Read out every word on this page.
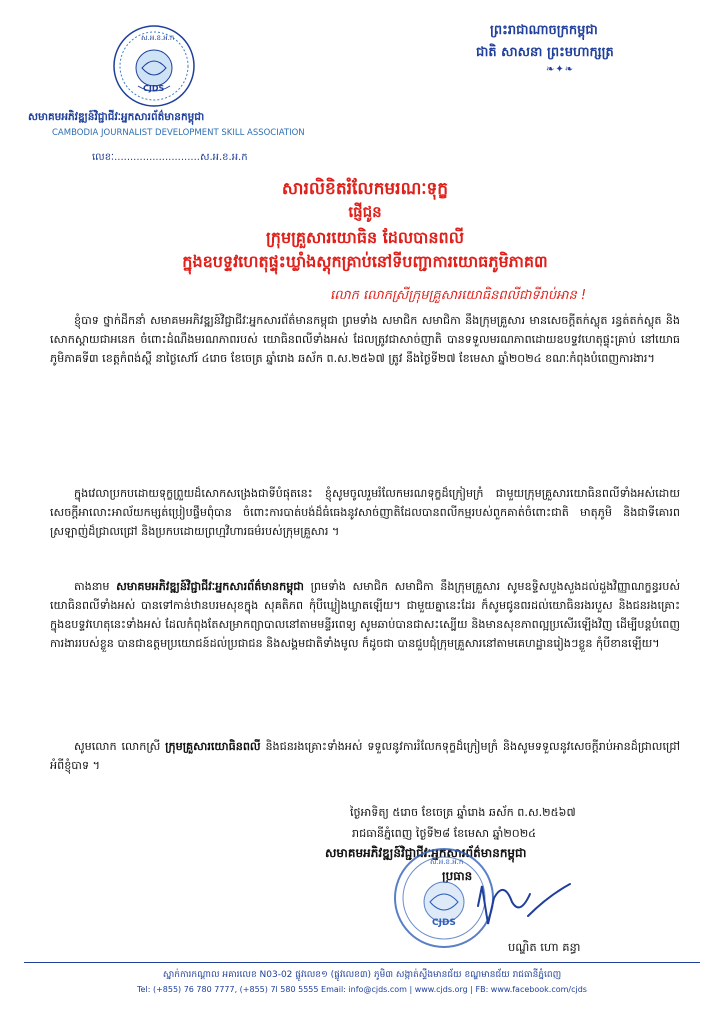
ស.អ.ខ.អ.ក
CJDS
សមាគមអភិវឌ្ឍន៍វិជ្ជាជីវៈអ្នកសារព័ត៌មានកម្ពុជា
CAMBODIA JOURNALIST DEVELOPMENT SKILL ASSOCIATION
លេខៈ...........................ស.អ.ខ.អ.ក
ព្រះរាជាណាចក្រកម្ពុជា
ជាតិ សាសនា ព្រះមហាក្សត្រ
❧✦❧
សារលិខិតរំលែកមរណៈទុក្ខ
ផ្ញើជូន
ក្រុមគ្រួសារយោធិន ដែលបានពលី
ក្នុងឧបទ្ទវហេតុផ្ទុះឃ្លាំងស្តុកគ្រាប់នៅទីបញ្ជាការយោធភូមិភាគ៣
លោក លោកស្រីក្រុមគ្រួសារយោធិនពលីជាទីរាប់អាន !

ខ្ញុំបាទ ថ្នាក់ដឹកនាំ សមាគមអភិវឌ្ឍន៍វិជ្ជាជីវៈអ្នកសារព័ត៌មានកម្ពុជា ព្រមទាំង សមាជិក សមាជិកា នឹងក្រុមគ្រួសារ មានសេចក្តីតក់ស្លុត រន្ធត់តក់ស្លុត និងសោកស្តាយជាអនេក ចំពោះដំណឹងមរណភាពរបស់ យោធិនពលីទាំងអស់ ដែលត្រូវជាសាច់ញាតិ បានទទួលមរណភាពដោយឧបទ្ទវហេតុផ្ទុះគ្រាប់ នៅយោធភូមិភាគទី៣ ខេត្តកំពង់ស្ពឺ នាថ្ងៃសៅរ៍ ៤រោច ខែចេត្រ ឆ្នាំរោង ឆស័ក ព.ស.២៥៦៧ ត្រូវ នឹងថ្ងៃទី២៧ ខែមេសា ឆ្នាំ២០២៤ ខណៈកំពុងបំពេញការងារ។

ក្នុងវេលាប្រកបដោយទុក្ខព្រួយដ៏សោកសង្រេងជាទីបំផុតនេះ ខ្ញុំសូមចូលរួមរំលែកមរណទុក្ខដ៏ក្រៀមក្រំ ជាមួយក្រុមគ្រួសារយោធិនពលីទាំងអស់ដោយសេចក្តីអាលោះអាល័យកម្សត់ប្រៀបផ្ទឹមពុំបាន ចំពោះការបាត់បង់ដ៏ធំធេងនូវសាច់ញាតិដែលបានពលីកម្មរបស់ពួកគាត់ចំពោះជាតិ មាតុភូមិ និងជាទីគោរពស្រឡាញ់ដ៏ជ្រាលជ្រៅ និងប្រកបដោយព្រហ្មវិហារធម៌របស់ក្រុមគ្រួសារ ។

តាងនាម សមាគមអភិវឌ្ឍន៍វិជ្ជាជីវៈអ្នកសារព័ត៌មានកម្ពុជា ព្រមទាំង សមាជិក សមាជិកា នឹងក្រុមគ្រួសារ សូមឧទ្ទិសបួងសួងដល់ដួងវិញ្ញាណក្ខន្ធរបស់យោធិនពលីទាំងអស់ បានទៅកាន់ឋានបរមសុខក្នុង សុគតិភព កុំបីឃ្លៀងឃ្លាតឡើយ។ ជាមួយគ្នានេះដែរ ក៏សូមជូនពរដល់យោធិនរងរបួស និងជនរងគ្រោះក្នុងឧបទ្ទវហេតុនេះទាំងអស់ ដែលកំពុងតែសម្រាកព្យាបាលនៅតាមមន្ទីរពេទ្យ សូមឆាប់បានជាសះស្បើយ និងមានសុខភាពល្អប្រសើរឡើងវិញ ដើម្បីបន្តបំពេញការងាររបស់ខ្លួន បានជាឧត្តមប្រយោជន៍ដល់ប្រជាជន និងសង្គមជាតិទាំងមូល ក៏ដូចជា បានជួបជុំក្រុមគ្រួសារនៅតាមគេហដ្ឋានរៀងៗខ្លួន កុំបីខានឡើយ។

សូមលោក លោកស្រី ក្រុមគ្រួសារយោធិនពលី និងជនរងគ្រោះទាំងអស់ ទទួលនូវការរំលែកទុក្ខដ៏ក្រៀមក្រំ និងសូមទទួលនូវសេចក្តីរាប់អានដ៏ជ្រាលជ្រៅអំពីខ្ញុំបាទ ។

ថ្ងៃអាទិត្យ ៥រោច ខែចេត្រ ឆ្នាំរោង ឆស័ក ព.ស.២៥៦៧
រាជធានីភ្នំពេញ ថ្ងៃទី២៨ ខែមេសា ឆ្នាំ២០២៤
សមាគមអភិវឌ្ឍន៍វិជ្ជាជីវៈអ្នកសារព័ត៌មានកម្ពុជា
ប្រធាន
ស.អ.ខ.អ.ក
CJDS
បណ្ឌិត ហោ គន្ធា
ស្នាក់ការកណ្តាល អគារលេខ N03-02 ផ្លូវលេខ១ (ផ្លូវលេខ៣) ភូមិ៣ សង្កាត់ស្ទឹងមានជ័យ ខណ្ឌមានជ័យ រាជធានីភ្នំពេញ
Tel: (+855) 76 780 7777, (+855) 7l 580 5555 Email: info@cjds.com | www.cjds.org | FB: www.facebook.com/cjds
